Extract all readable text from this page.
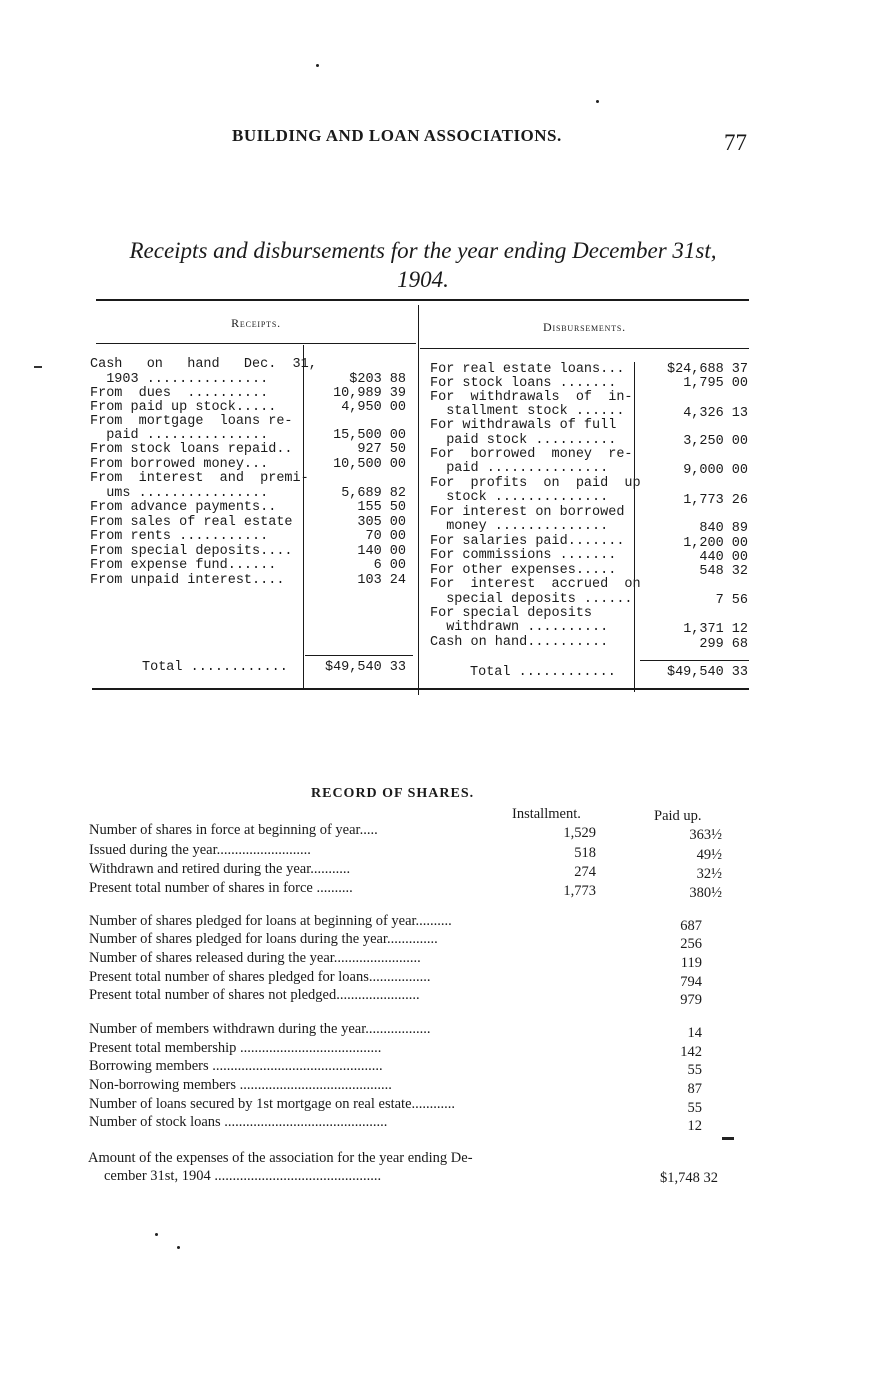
BUILDING AND LOAN ASSOCIATIONS.	77
Receipts and disbursements for the year ending December 31st,
1904.
Receipts.	Disbursements.
Cash   on   hand   Dec.  31,
1903 ...............	$203 88
From  dues  ..........	10,989 39
From paid up stock.....	4,950 00
From  mortgage  loans re-
paid ...............	15,500 00
From stock loans repaid..	927 50
From borrowed money...	10,500 00
From  interest  and  premi-
ums ................	5,689 82
From advance payments..	155 50
From sales of real estate	305 00
From rents ...........	70 00
From special deposits....	140 00
From expense fund......	6 00
From unpaid interest....	103 24
Total ............	$49,540 33
For real estate loans...	$24,688 37
For stock loans .......	1,795 00
For  withdrawals  of  in-
stallment stock ......	4,326 13
For withdrawals of full
paid stock ..........	3,250 00
For  borrowed  money  re-
paid ...............	9,000 00
For  profits  on  paid  up
stock ..............	1,773 26
For interest on borrowed
money ..............	840 89
For salaries paid.......	1,200 00
For commissions .......	440 00
For other expenses.....	548 32
For  interest  accrued  on
special deposits ......	7 56
For special deposits
withdrawn ..........	1,371 12
Cash on hand..........	299 68
Total ............	$49,540 33
RECORD OF SHARES.
Installment.	Paid up.
Number of shares in force at beginning of year.....	1,529	363½
Issued during the year..........................	518	49½
Withdrawn and retired during the year...........	274	32½
Present total number of shares in force ..........	1,773	380½
Number of shares pledged for loans at beginning of year..........	687
Number of shares pledged for loans during the year..............	256
Number of shares released during the year........................	119
Present total number of shares pledged for loans.................	794
Present total number of shares not pledged.......................	979
Number of members withdrawn during the year..................	14
Present total membership .......................................	142
Borrowing members ...............................................	55
Non-borrowing members ..........................................	87
Number of loans secured by 1st mortgage on real estate............	55
Number of stock loans .............................................	12
Amount of the expenses of the association for the year ending De-
cember 31st, 1904 ..............................................	$1,748 32
